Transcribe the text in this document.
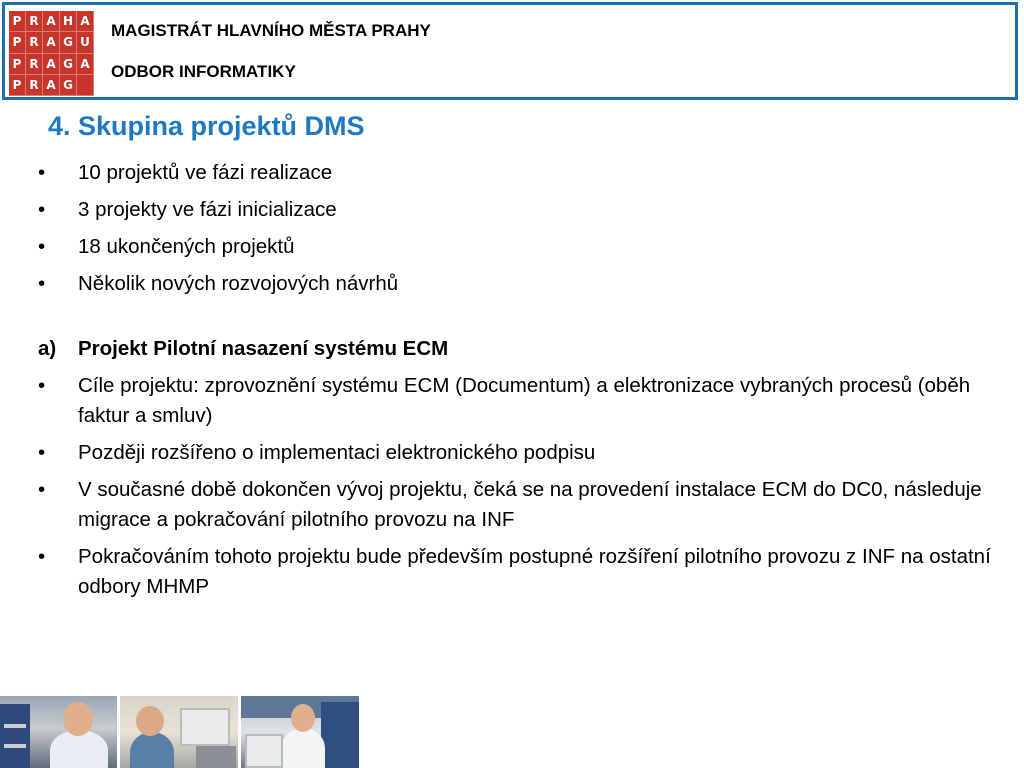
P R A H A
P R A G U
P R A G A
P R A G
MAGISTRÁT HLAVNÍHO MĚSTA PRAHY
ODBOR INFORMATIKY
4. Skupina projektů DMS
•	10 projektů ve fázi realizace
•	3 projekty ve fázi inicializace
•	18 ukončených projektů
•	Několik nových rozvojových návrhů
a)	Projekt Pilotní nasazení systému ECM
•	Cíle projektu: zprovoznění systému ECM (Documentum) a elektronizace vybraných procesů (oběh faktur a smluv)
•	Později rozšířeno o implementaci elektronického podpisu
•	V současné době dokončen vývoj projektu, čeká se na provedení instalace ECM do DC0, následuje migrace a pokračování pilotního provozu na INF
•	Pokračováním tohoto projektu bude především postupné rozšíření pilotního provozu z INF na ostatní odbory MHMP
